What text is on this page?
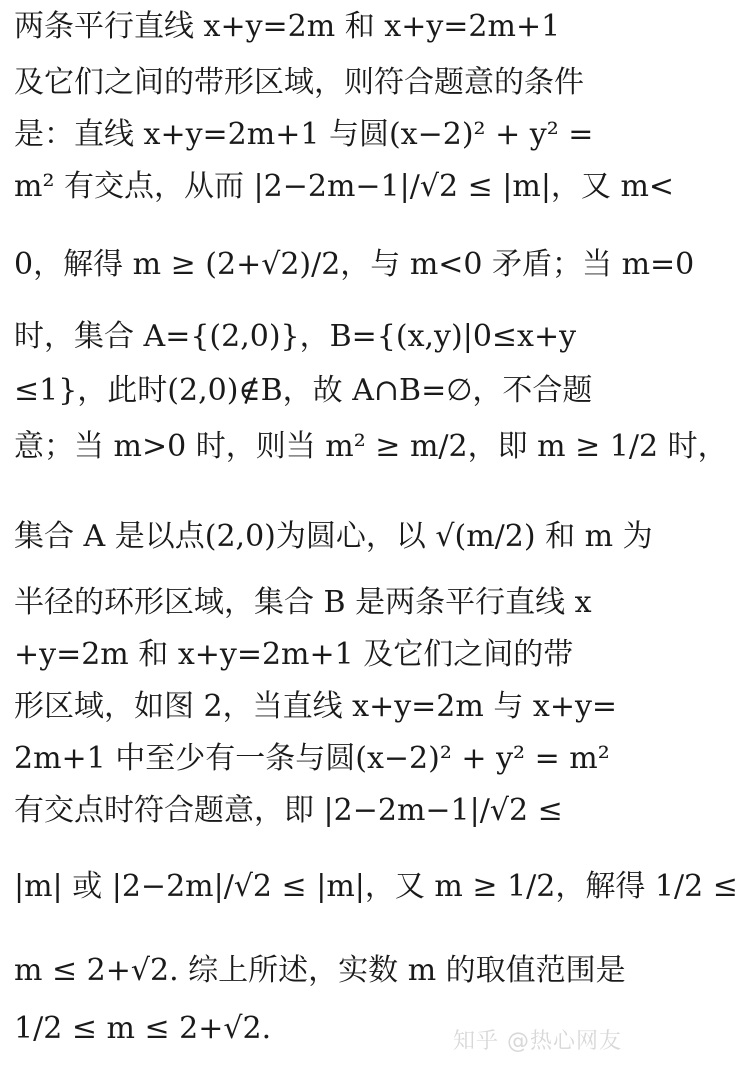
两条平行直线 x+y=2m 和 x+y=2m+1
及它们之间的带形区域，则符合题意的条件
是：直线 x+y=2m+1 与圆(x−2)² + y² =
m² 有交点，从而 |2−2m−1|/√2 ≤ |m|，又 m<
0，解得 m ≥ (2+√2)/2，与 m<0 矛盾；当 m=0
时，集合 A={(2,0)}，B={(x,y)|0≤x+y
≤1}，此时(2,0)∉B，故 A∩B=∅，不合题
意；当 m>0 时，则当 m² ≥ m/2，即 m ≥ 1/2 时，
集合 A 是以点(2,0)为圆心，以 √(m/2) 和 m 为
半径的环形区域，集合 B 是两条平行直线 x
+y=2m 和 x+y=2m+1 及它们之间的带
形区域，如图 2，当直线 x+y=2m 与 x+y=
2m+1 中至少有一条与圆(x−2)² + y² = m²
有交点时符合题意，即 |2−2m−1|/√2 ≤
|m| 或 |2−2m|/√2 ≤ |m|，又 m ≥ 1/2，解得 1/2 ≤
m ≤ 2+√2. 综上所述，实数 m 的取值范围是
1/2 ≤ m ≤ 2+√2.	知乎 @热心网友
